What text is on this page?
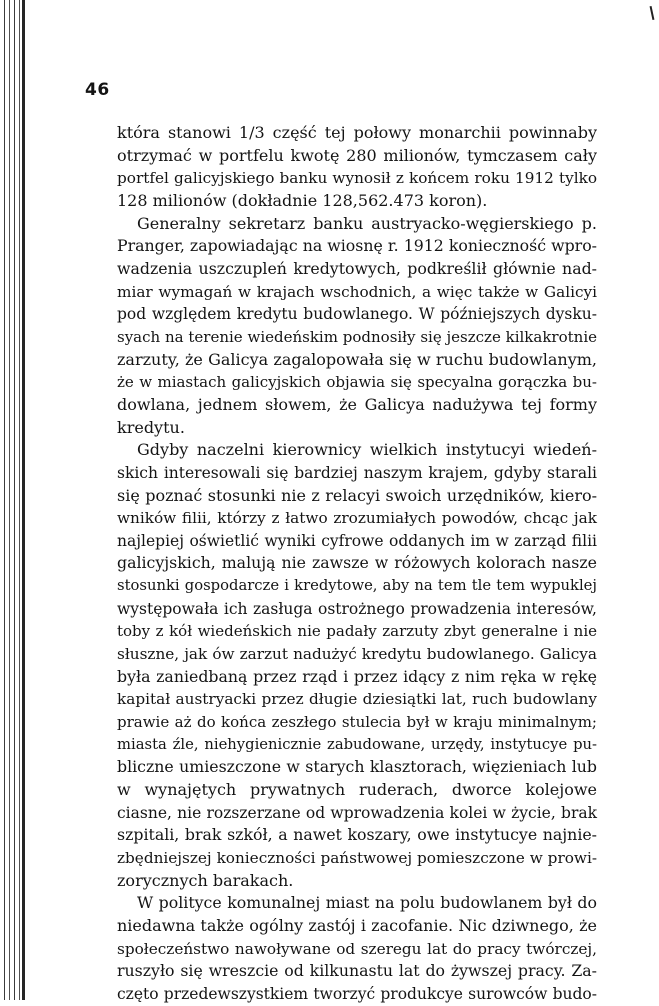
46
która stanowi 1/3 część tej połowy monarchii powinnaby
otrzymać w portfelu kwotę 280 milionów, tymczasem cały
portfel galicyjskiego banku wynosił z końcem roku 1912 tylko
128 milionów (dokładnie 128,562.473 koron).
Generalny sekretarz banku austryacko-węgierskiego p.
Pranger, zapowiadając na wiosnę r. 1912 konieczność wpro-
wadzenia uszczupleń kredytowych, podkreślił głównie nad-
miar wymagań w krajach wschodnich, a więc także w Galicyi
pod względem kredytu budowlanego. W późniejszych dysku-
syach na terenie wiedeńskim podnosiły się jeszcze kilkakrotnie
zarzuty, że Galicya zagalopowała się w ruchu budowlanym,
że w miastach galicyjskich objawia się specyalna gorączka bu-
dowlana, jednem słowem, że Galicya nadużywa tej formy
kredytu.
Gdyby naczelni kierownicy wielkich instytucyi wiedeń-
skich interesowali się bardziej naszym krajem, gdyby starali
się poznać stosunki nie z relacyi swoich urzędników, kiero-
wników filii, którzy z łatwo zrozumiałych powodów, chcąc jak
najlepiej oświetlić wyniki cyfrowe oddanych im w zarząd filii
galicyjskich, malują nie zawsze w różowych kolorach nasze
stosunki gospodarcze i kredytowe, aby na tem tle tem wypuklej
występowała ich zasługa ostrożnego prowadzenia interesów,
toby z kół wiedeńskich nie padały zarzuty zbyt generalne i nie
słuszne, jak ów zarzut nadużyć kredytu budowlanego. Galicya
była zaniedbaną przez rząd i przez idący z nim ręka w rękę
kapitał austryacki przez długie dziesiątki lat, ruch budowlany
prawie aż do końca zeszłego stulecia był w kraju minimalnym;
miasta źle, niehygienicznie zabudowane, urzędy, instytucye pu-
bliczne umieszczone w starych klasztorach, więzieniach lub
w wynajętych prywatnych ruderach, dworce kolejowe
ciasne, nie rozszerzane od wprowadzenia kolei w życie, brak
szpitali, brak szkół, a nawet koszary, owe instytucye najnie-
zbędniejszej konieczności państwowej pomieszczone w prowi-
zorycznych barakach.
W polityce komunalnej miast na polu budowlanem był do
niedawna także ogólny zastój i zacofanie. Nic dziwnego, że
społeczeństwo nawoływane od szeregu lat do pracy twórczej,
ruszyło się wreszcie od kilkunastu lat do żywszej pracy. Za-
częto przedewszystkiem tworzyć produkcye surowców budo-
